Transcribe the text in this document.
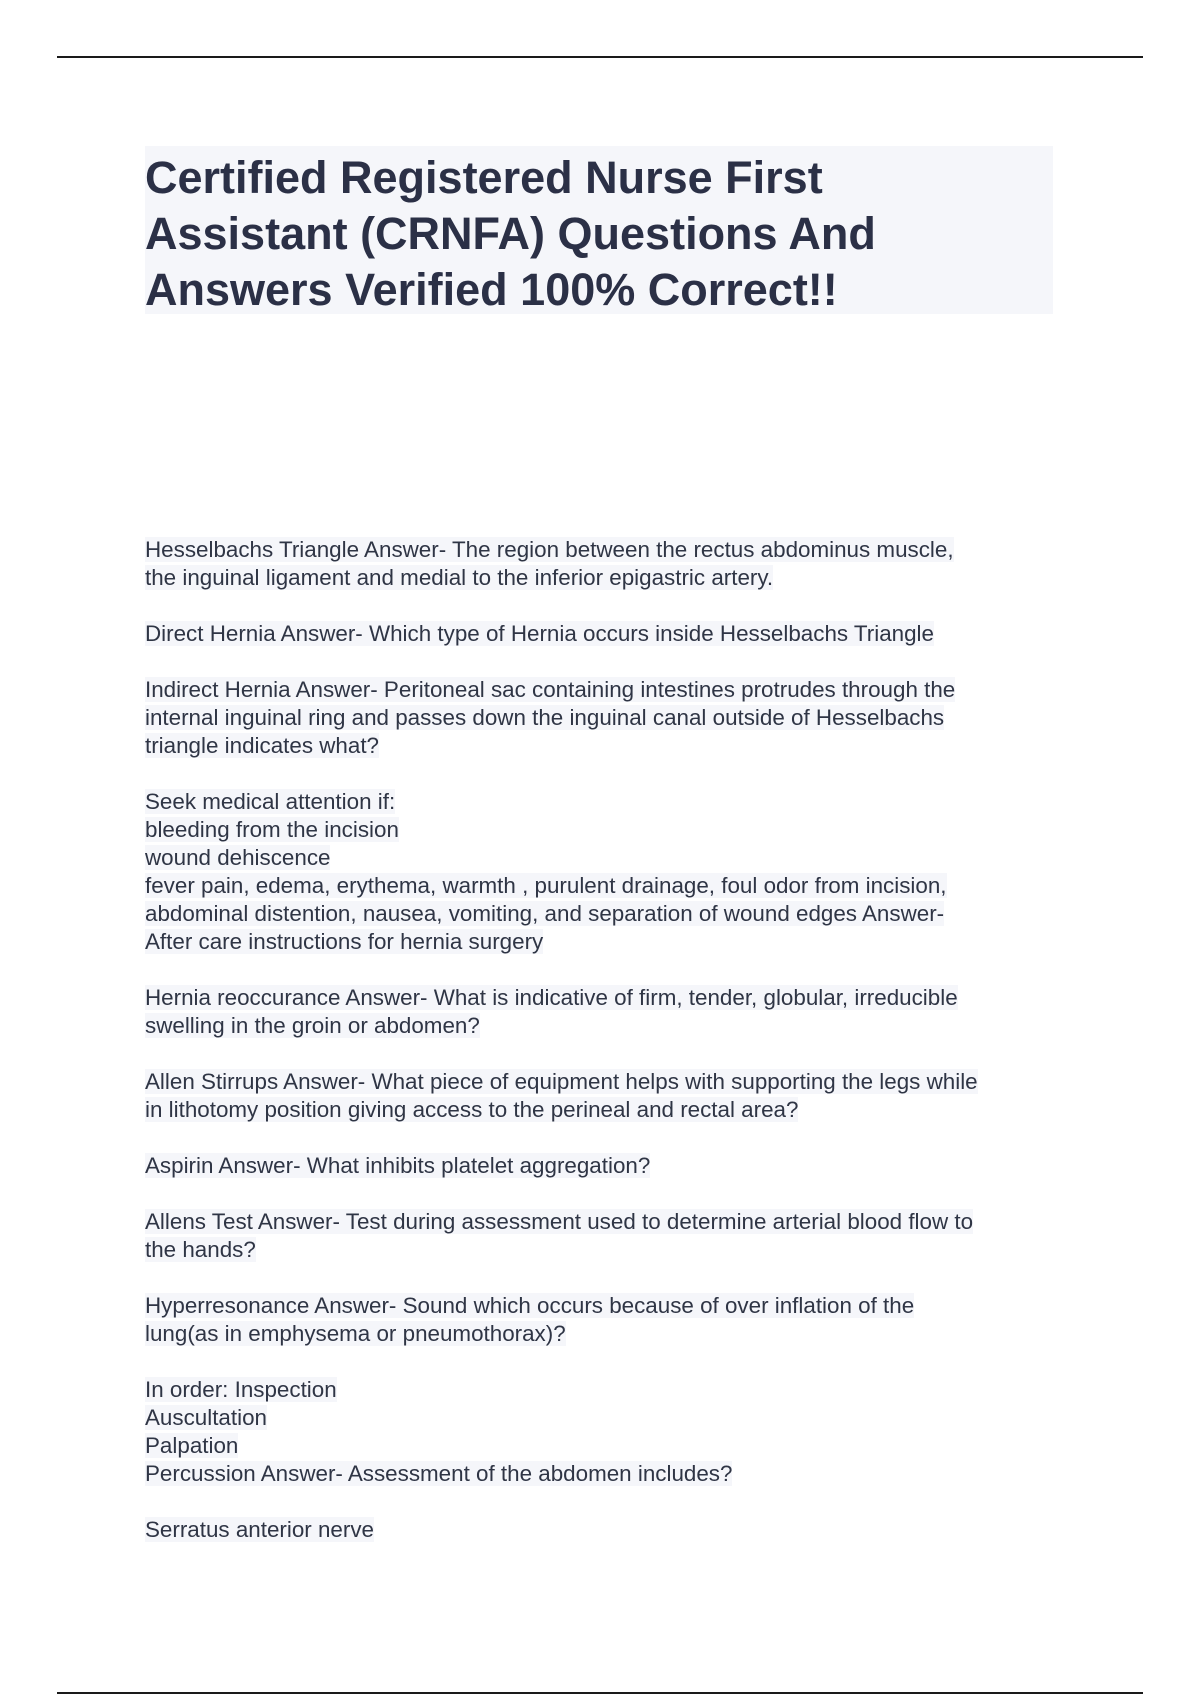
Certified Registered Nurse First
Assistant (CRNFA) Questions And
Answers Verified 100% Correct!!
Hesselbachs Triangle Answer- The region between the rectus abdominus muscle,
the inguinal ligament and medial to the inferior epigastric artery.
Direct Hernia Answer- Which type of Hernia occurs inside Hesselbachs Triangle
Indirect Hernia Answer- Peritoneal sac containing intestines protrudes through the
internal inguinal ring and passes down the inguinal canal outside of Hesselbachs
triangle indicates what?
Seek medical attention if:
bleeding from the incision
wound dehiscence
fever pain, edema, erythema, warmth , purulent drainage, foul odor from incision,
abdominal distention, nausea, vomiting, and separation of wound edges Answer-
After care instructions for hernia surgery
Hernia reoccurance Answer- What is indicative of firm, tender, globular, irreducible
swelling in the groin or abdomen?
Allen Stirrups Answer- What piece of equipment helps with supporting the legs while
in lithotomy position giving access to the perineal and rectal area?
Aspirin Answer- What inhibits platelet aggregation?
Allens Test Answer- Test during assessment used to determine arterial blood flow to
the hands?
Hyperresonance Answer- Sound which occurs because of over inflation of the
lung(as in emphysema or pneumothorax)?
In order: Inspection
Auscultation
Palpation
Percussion Answer- Assessment of the abdomen includes?
Serratus anterior nerve
